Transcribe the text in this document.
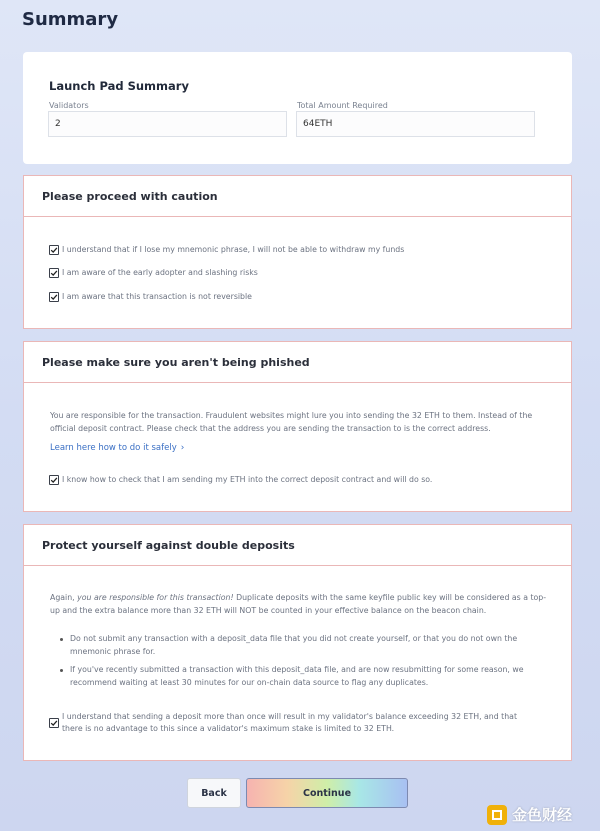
Summary
Launch Pad Summary
Validators
2
Total Amount Required
64ETH
Please proceed with caution
I understand that if I lose my mnemonic phrase, I will not be able to withdraw my funds
I am aware of the early adopter and slashing risks
I am aware that this transaction is not reversible
Please make sure you aren't being phished
You are responsible for the transaction. Fraudulent websites might lure you into sending the 32 ETH to them. Instead of the official deposit contract. Please check that the address you are sending the transaction to is the correct address.
Learn here how to do it safely ›
I know how to check that I am sending my ETH into the correct deposit contract and will do so.
Protect yourself against double deposits
Again, you are responsible for this transaction! Duplicate deposits with the same keyfile public key will be considered as a top-up and the extra balance more than 32 ETH will NOT be counted in your effective balance on the beacon chain.
Do not submit any transaction with a deposit_data file that you did not create yourself, or that you do not own the mnemonic phrase for.
If you've recently submitted a transaction with this deposit_data file, and are now resubmitting for some reason, we recommend waiting at least 30 minutes for our on-chain data source to flag any duplicates.
I understand that sending a deposit more than once will result in my validator's balance exceeding 32 ETH, and that there is no advantage to this since a validator's maximum stake is limited to 32 ETH.
Back	Continue
金色财经
